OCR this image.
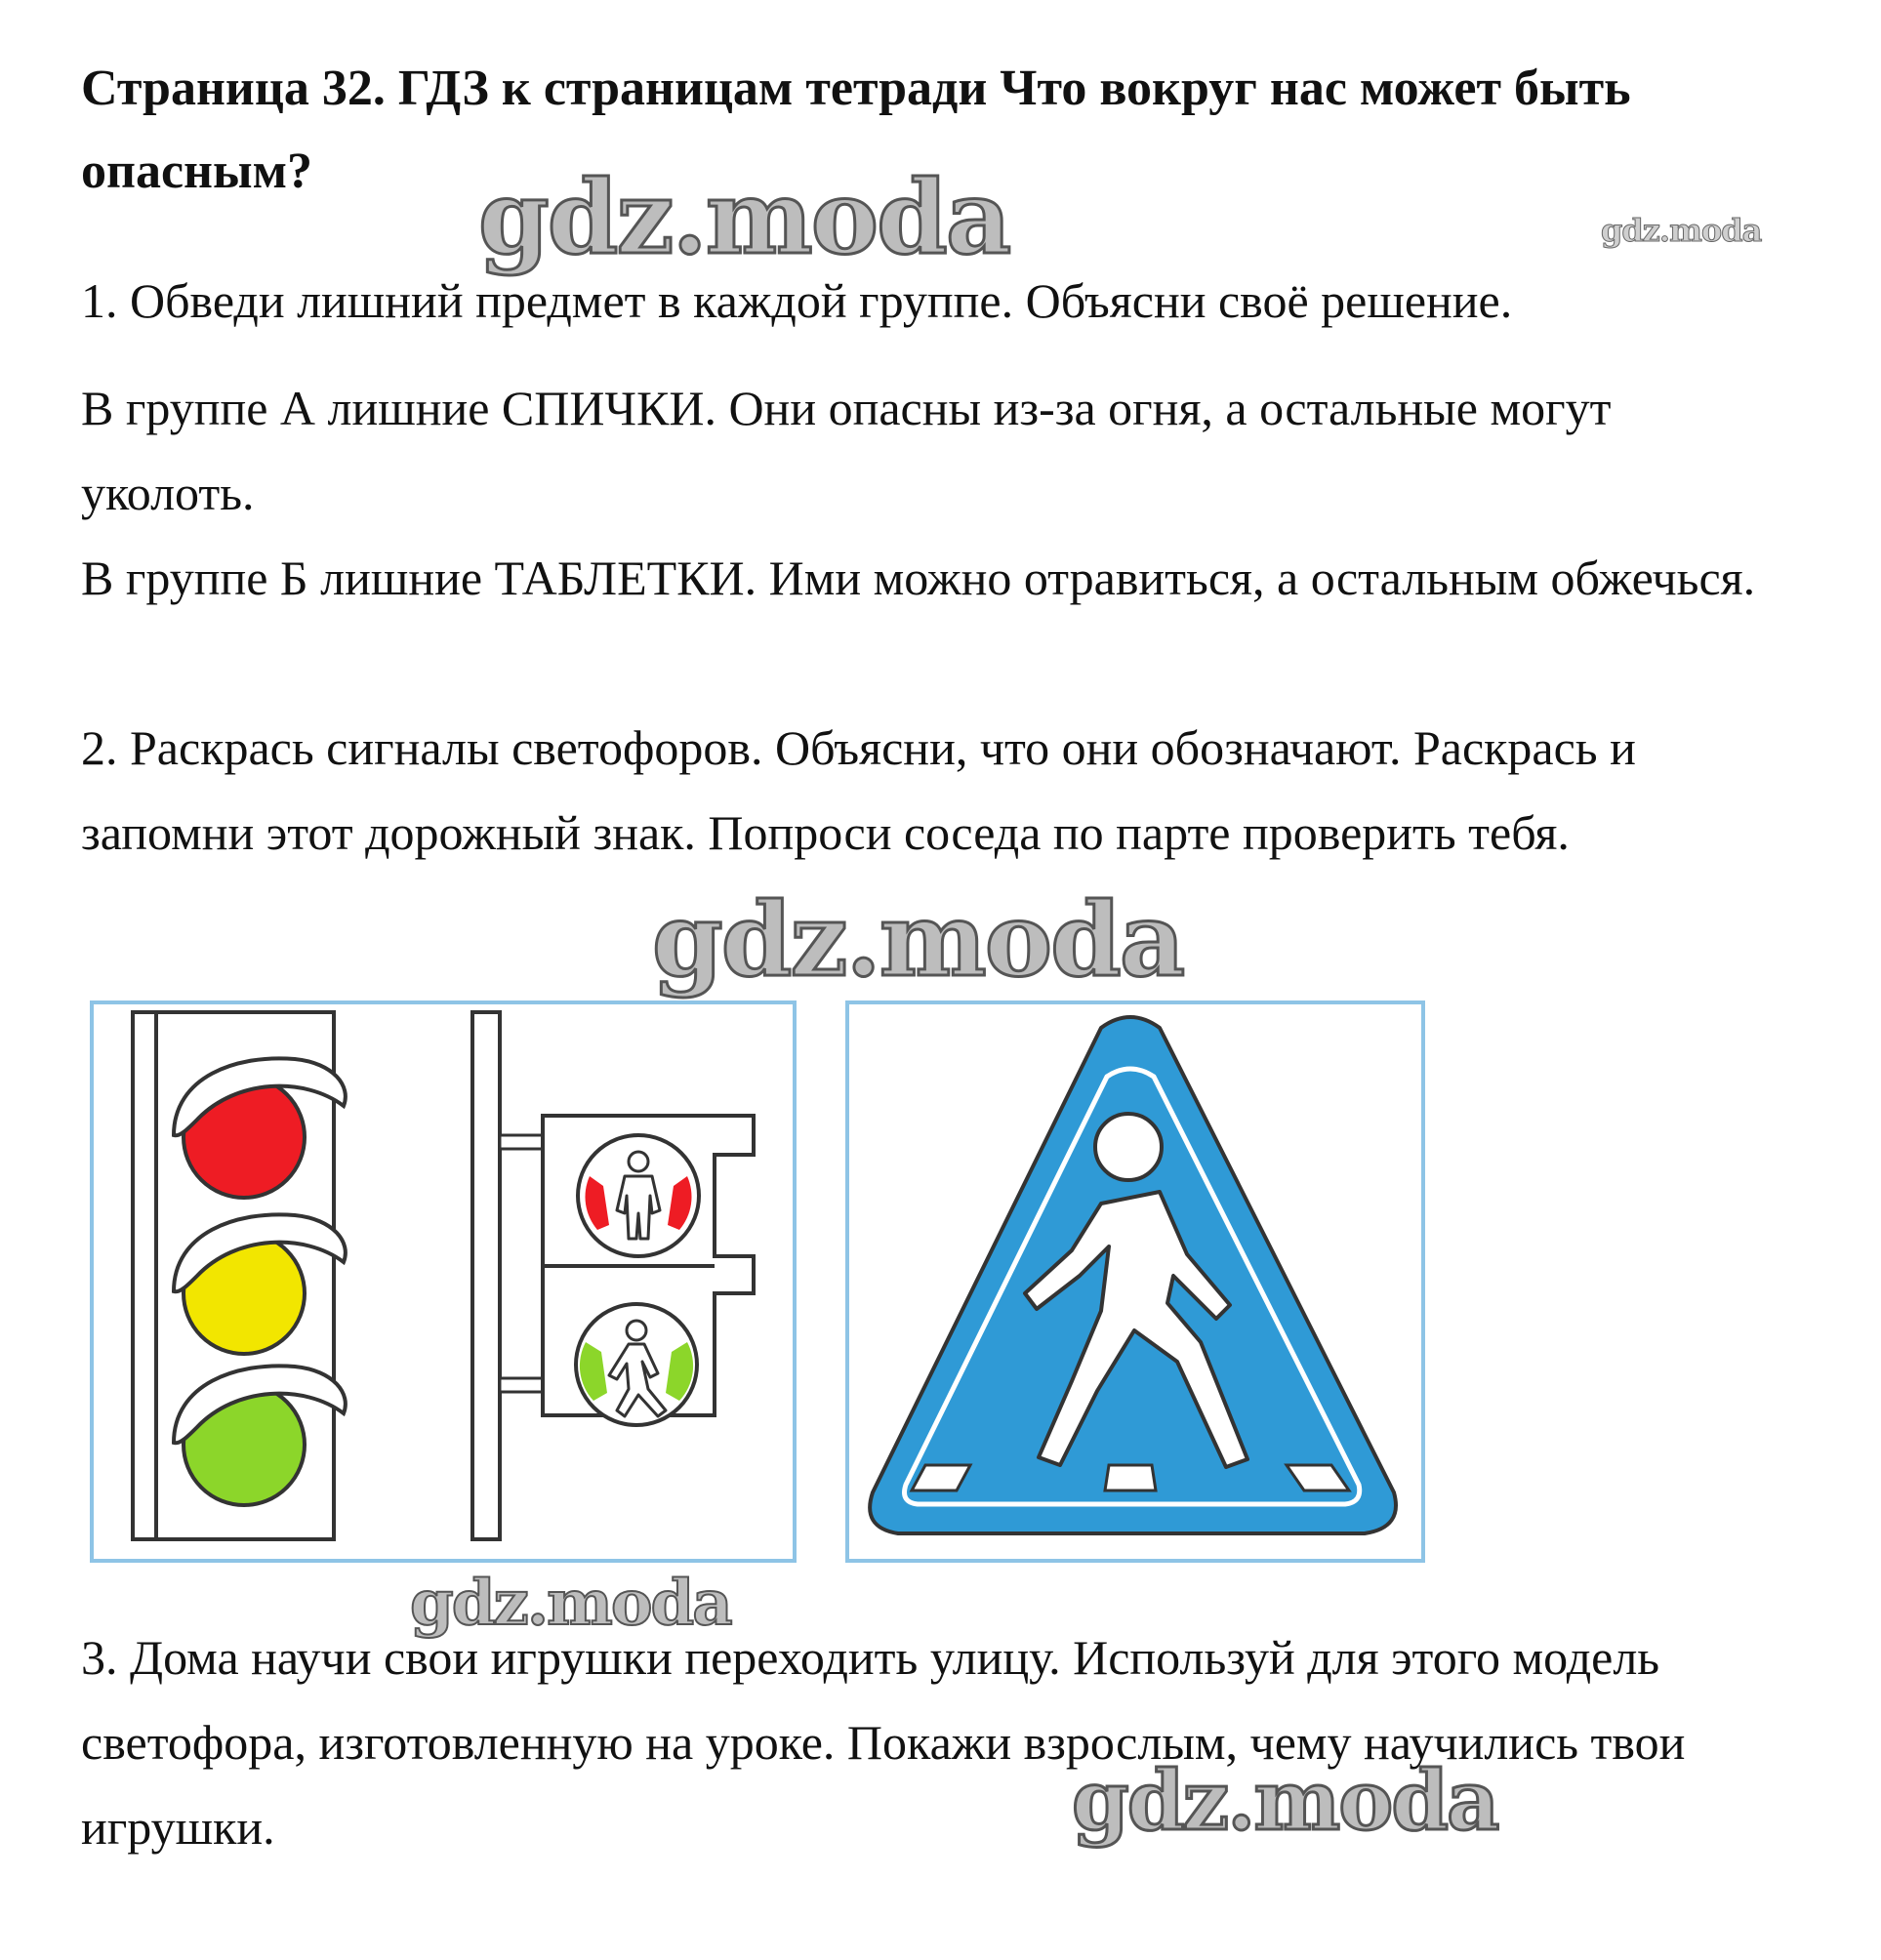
Страница 32. ГДЗ к страницам тетради Что вокруг нас может быть опасным?	gdz.moda	gdz.moda

1. Обведи лишний предмет в каждой группе. Объясни своё решение.

В группе А лишние СПИЧКИ. Они опасны из-за огня, а остальные могут уколоть.

В группе Б лишние ТАБЛЕТКИ. Ими можно отравиться, а остальным обжечься.

2. Раскрась сигналы светофоров. Объясни, что они обозначают. Раскрась и запомни этот дорожный знак. Попроси соседа по парте проверить тебя.

gdz.moda
gdz.moda

3. Дома научи свои игрушки переходить улицу. Используй для этого модель светофора, изготовленную на уроке. Покажи взрослым, чему научились твои игрушки.	gdz.moda
